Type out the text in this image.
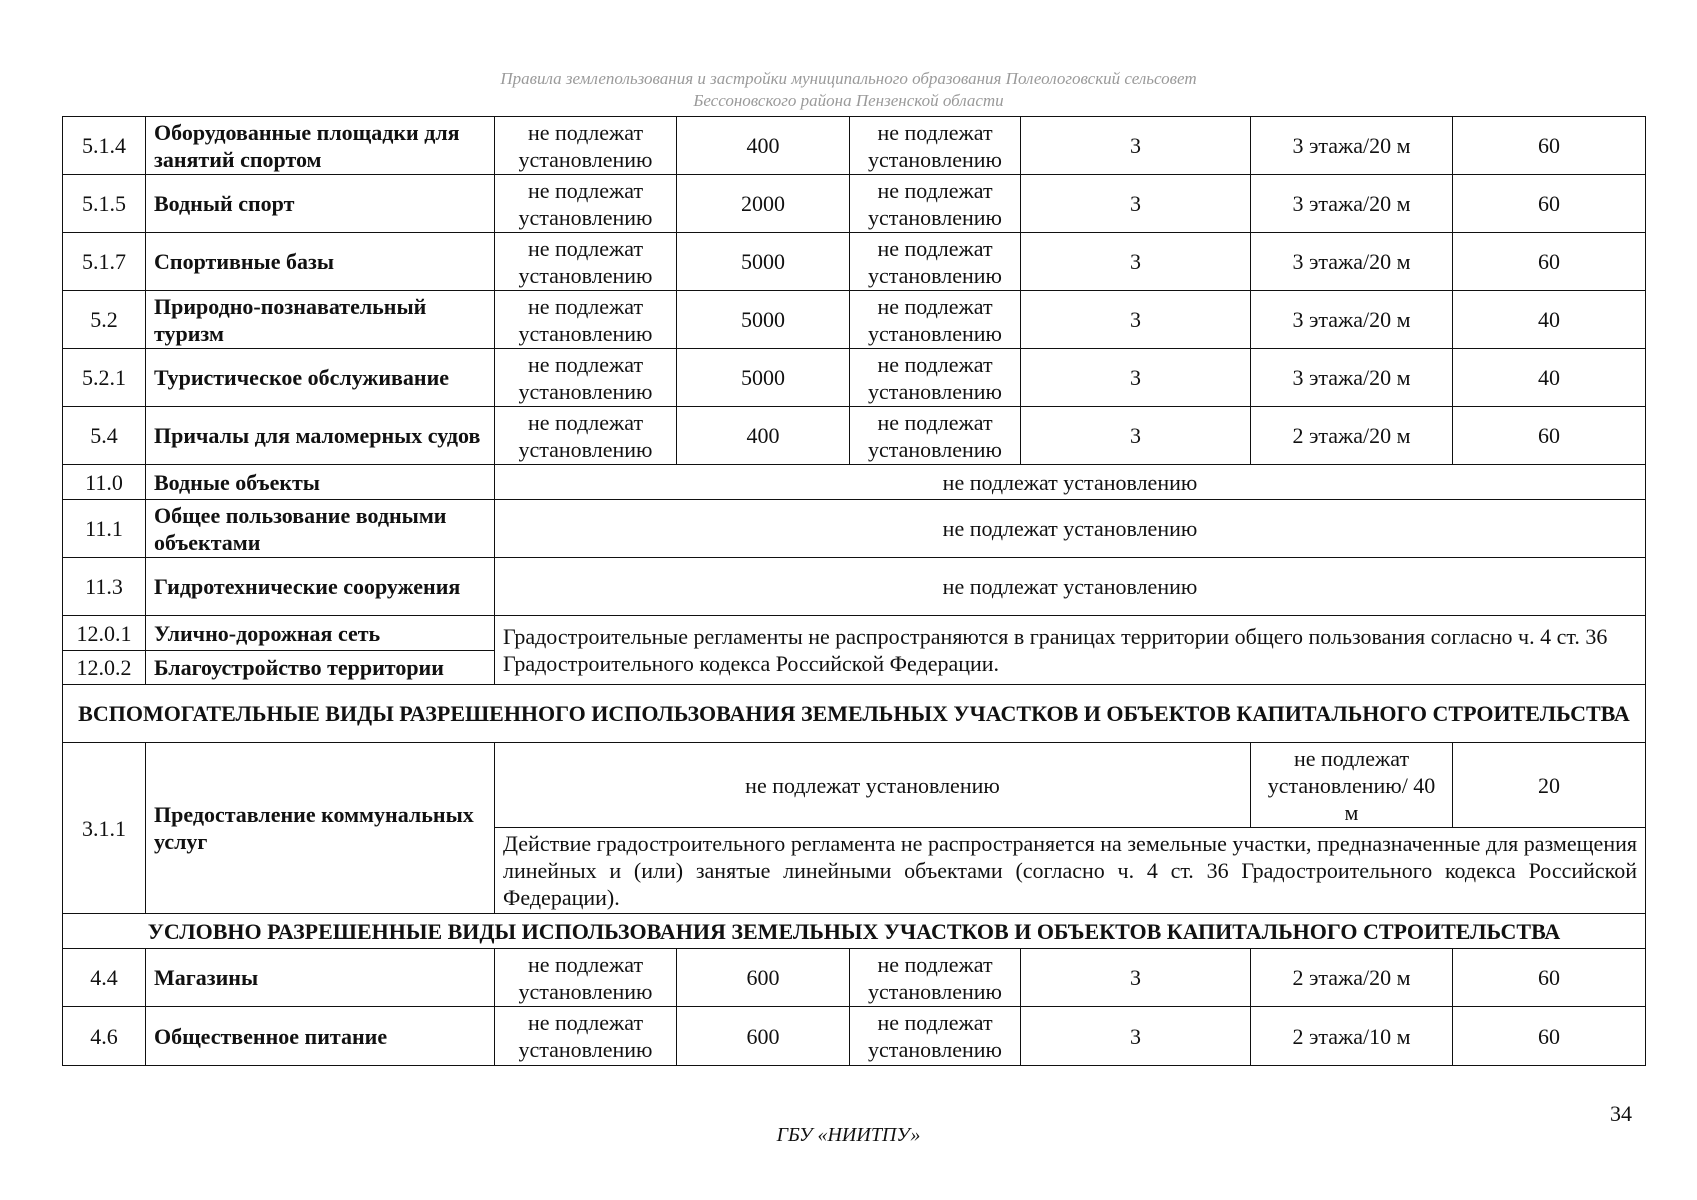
Правила землепользования и застройки муниципального образования Полеологовский сельсовет
Бессоновского района Пензенской области
5.1.4	Оборудованные площадки для занятий спортом	не подлежат установлению	400	не подлежат установлению	3	3 этажа/20 м	60
5.1.5	Водный спорт	не подлежат установлению	2000	не подлежат установлению	3	3 этажа/20 м	60
5.1.7	Спортивные базы	не подлежат установлению	5000	не подлежат установлению	3	3 этажа/20 м	60
5.2	Природно-познавательный туризм	не подлежат установлению	5000	не подлежат установлению	3	3 этажа/20 м	40
5.2.1	Туристическое обслуживание	не подлежат установлению	5000	не подлежат установлению	3	3 этажа/20 м	40
5.4	Причалы для маломерных судов	не подлежат установлению	400	не подлежат установлению	3	2 этажа/20 м	60
11.0	Водные объекты	не подлежат установлению					
11.1	Общее пользование водными объектами	не подлежат установлению					
11.3	Гидротехнические сооружения	не подлежат установлению					
12.0.1	Улично-дорожная сеть	Градостроительные регламенты не распространяются в границах территории общего пользования согласно ч. 4 ст. 36 Градостроительного кодекса Российской Федерации.					
12.0.2	Благоустройство территории						
ВСПОМОГАТЕЛЬНЫЕ ВИДЫ РАЗРЕШЕННОГО ИСПОЛЬЗОВАНИЯ ЗЕМЕЛЬНЫХ УЧАСТКОВ И ОБЪЕКТОВ КАПИТАЛЬНОГО СТРОИТЕЛЬСТВА							
3.1.1	Предоставление коммунальных услуг	не подлежат установлению				не подлежат установлению/ 40 м	20
		Действие градостроительного регламента не распространяется на земельные участки, предназначенные для размещения линейных и (или) занятые линейными объектами (согласно ч. 4 ст. 36 Градостроительного кодекса Российской Федерации).					
УСЛОВНО РАЗРЕШЕННЫЕ ВИДЫ ИСПОЛЬЗОВАНИЯ ЗЕМЕЛЬНЫХ УЧАСТКОВ И ОБЪЕКТОВ КАПИТАЛЬНОГО СТРОИТЕЛЬСТВА							
4.4	Магазины	не подлежат установлению	600	не подлежат установлению	3	2 этажа/20 м	60
4.6	Общественное питание	не подлежат установлению	600	не подлежат установлению	3	2 этажа/10 м	60
34
ГБУ «НИИТПУ»
